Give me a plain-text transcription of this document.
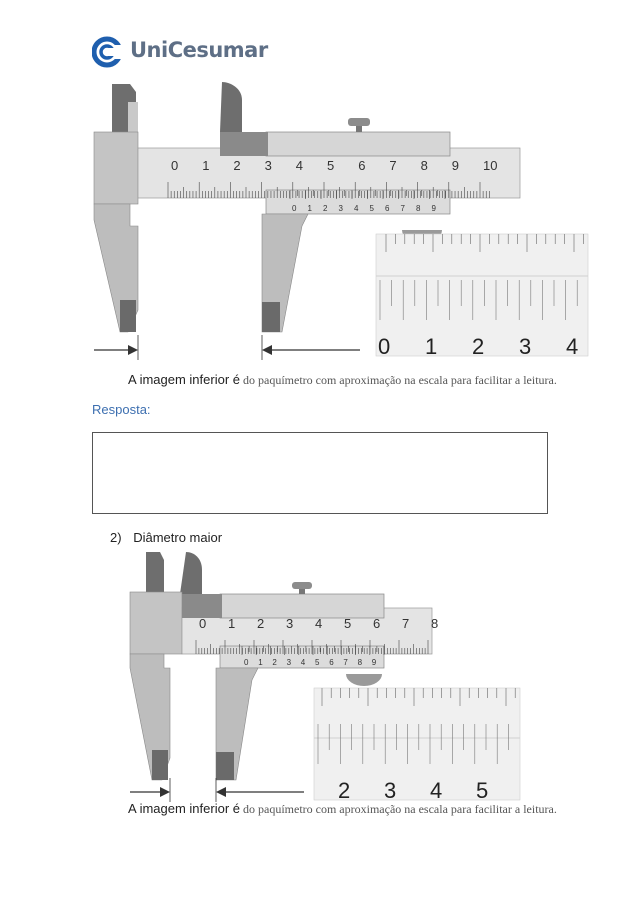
UniCesumar
0 1 2 3 4 5 6 7 8 9 10
0 1 2 3 4 5 6 7 8 9
0 1 2 3 4
A imagem inferior é do paquímetro com aproximação na escala para facilitar a leitura.
Resposta:
2) Diâmetro maior
0 1 2 3 4 5 6 7 8
0 1 2 3 4 5 6 7 8 9
2 3 4 5
A imagem inferior é do paquímetro com aproximação na escala para facilitar a leitura.
